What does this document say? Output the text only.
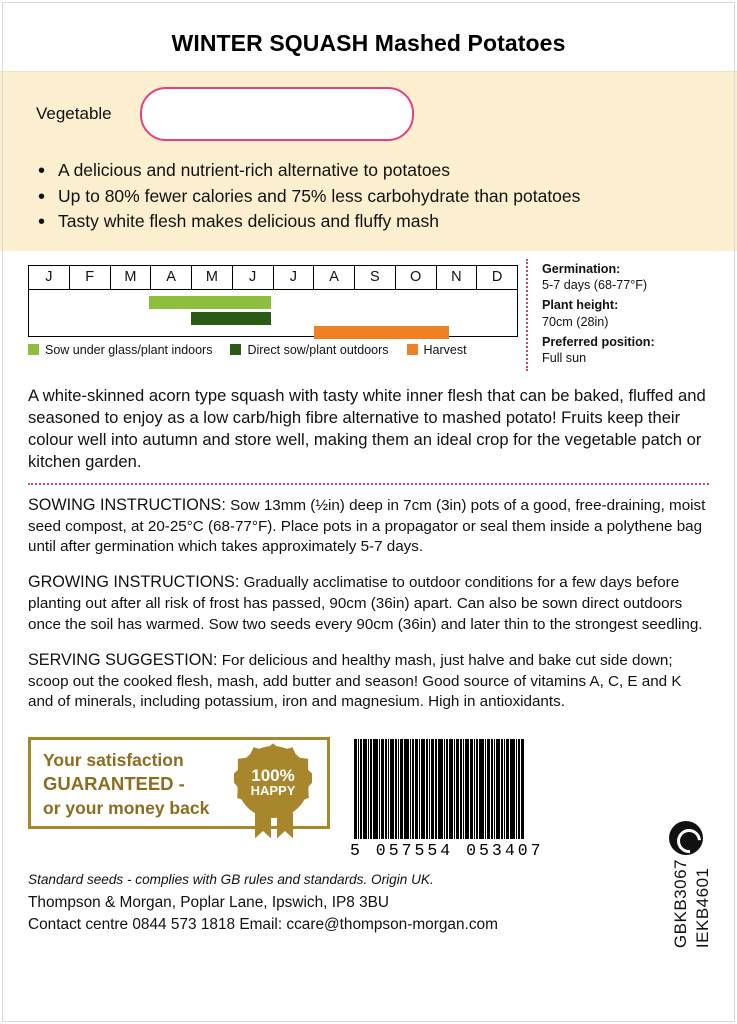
WINTER SQUASH Mashed Potatoes
Vegetable
• A delicious and nutrient-rich alternative to potatoes
• Up to 80% fewer calories and 75% less carbohydrate than potatoes
• Tasty white flesh makes delicious and fluffy mash
J	F	M	A	M	J	J	A	S	O	N	D
Sow under glass/plant indoors	Direct sow/plant outdoors	Harvest
Germination:
5-7 days (68-77°F)
Plant height:
70cm (28in)
Preferred position:
Full sun

A white-skinned acorn type squash with tasty white inner flesh that can be baked, fluffed and seasoned to enjoy as a low carb/high fibre alternative to mashed potato! Fruits keep their colour well into autumn and store well, making them an ideal crop for the vegetable patch or kitchen garden.

SOWING INSTRUCTIONS: Sow 13mm (½in) deep in 7cm (3in) pots of a good, free-draining, moist seed compost, at 20-25°C (68-77°F). Place pots in a propagator or seal them inside a polythene bag until after germination which takes approximately 5-7 days.

GROWING INSTRUCTIONS: Gradually acclimatise to outdoor conditions for a few days before planting out after all risk of frost has passed, 90cm (36in) apart. Can also be sown direct outdoors once the soil has warmed. Sow two seeds every 90cm (36in) and later thin to the strongest seedling.

SERVING SUGGESTION: For delicious and healthy mash, just halve and bake cut side down; scoop out the cooked flesh, mash, add butter and season! Good source of vitamins A, C, E and K and of minerals, including potassium, iron and magnesium. High in antioxidants.

Your satisfaction
GUARANTEED -
or your money back
100%
HAPPY
5 057554 053407
Standard seeds - complies with GB rules and standards. Origin UK.
Thompson & Morgan, Poplar Lane, Ipswich, IP8 3BU
Contact centre 0844 573 1818 Email: ccare@thompson-morgan.com	GBKB3067 IEKB4601
